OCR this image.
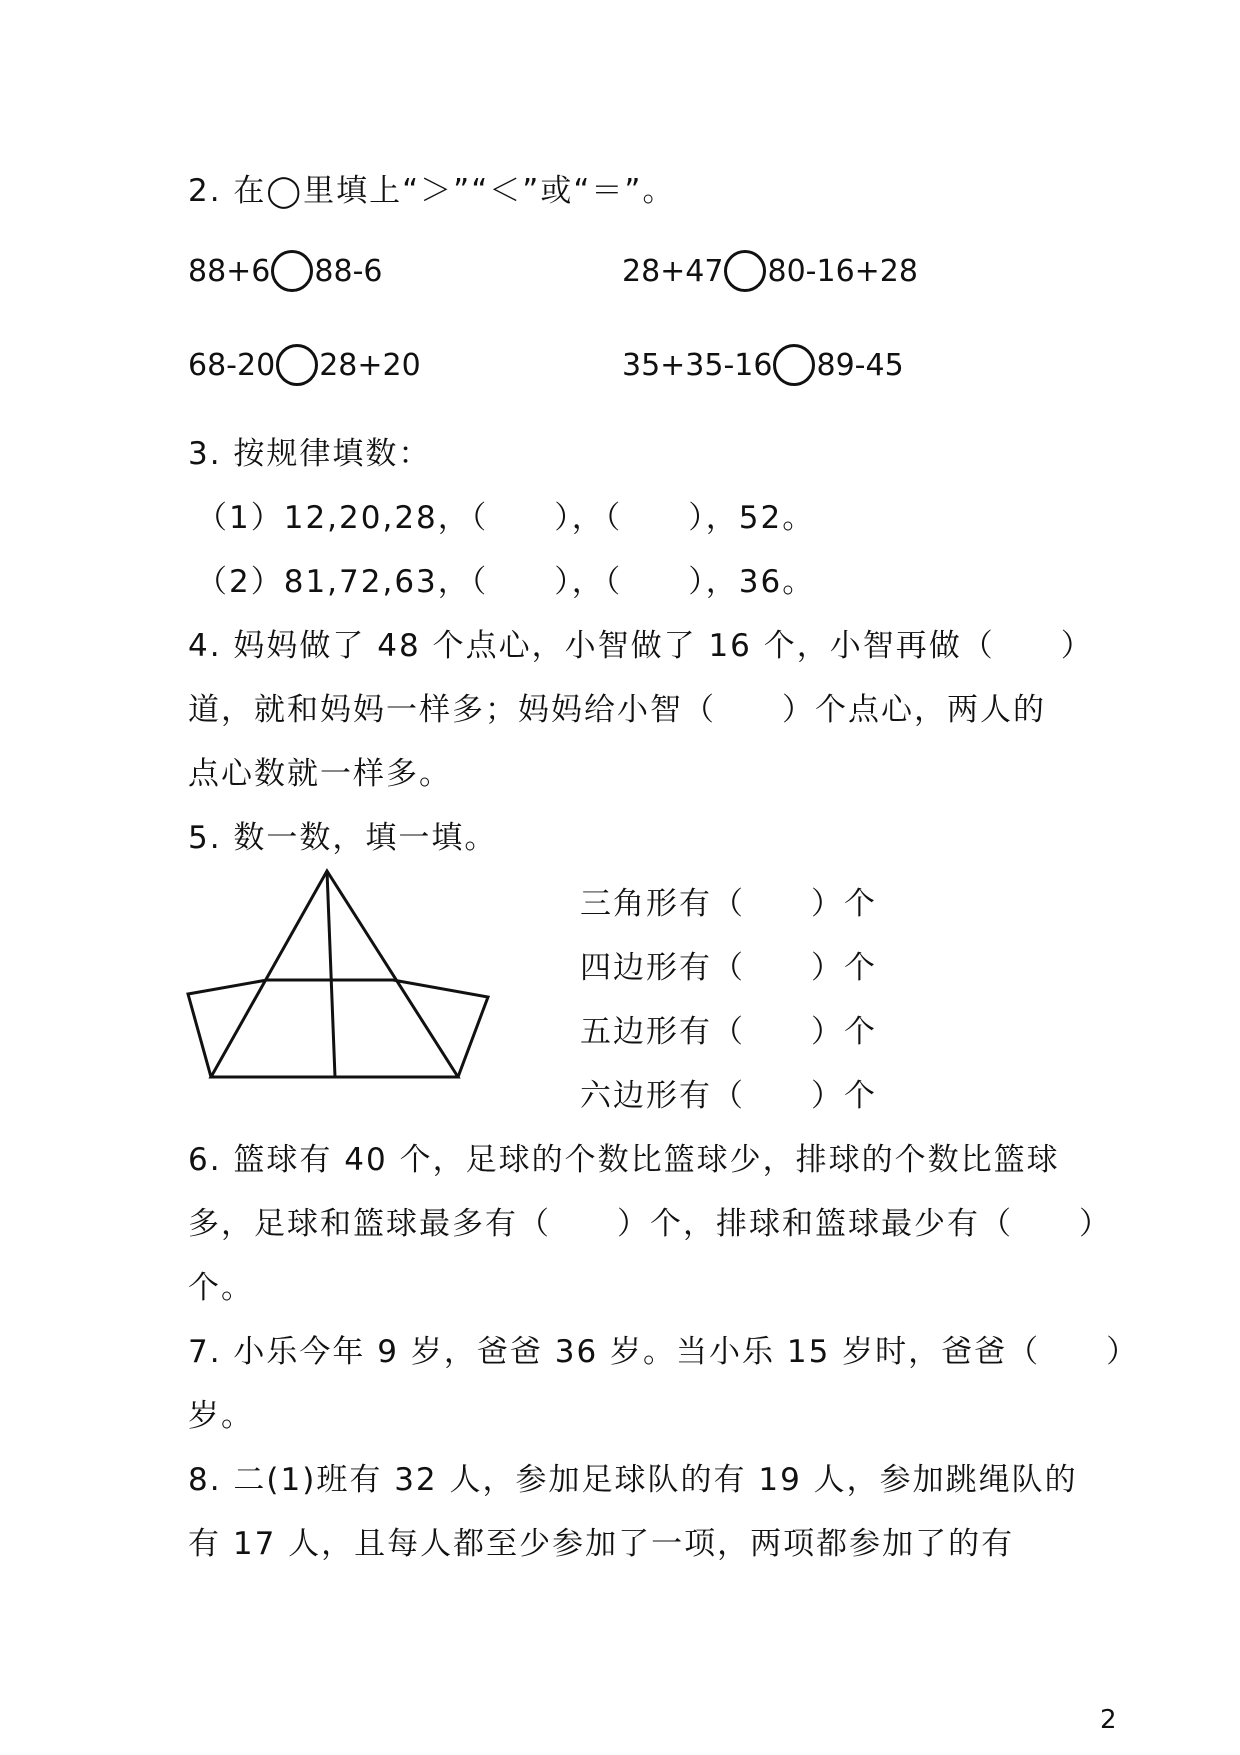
2. 在◯里填上“＞”“＜”或“＝”。
88+6 88-6	28+47 80-16+28
68-20 28+20	35+35-16 89-45
3. 按规律填数：
（1）12,20,28，（　　），（　　），52。
（2）81,72,63，（　　），（　　），36。
4. 妈妈做了 48 个点心，小智做了 16 个，小智再做（　　）
道，就和妈妈一样多；妈妈给小智（　　）个点心，两人的
点心数就一样多。
5. 数一数，填一填。
三角形有（　　）个
四边形有（　　）个
五边形有（　　）个
六边形有（　　）个
6. 篮球有 40 个，足球的个数比篮球少，排球的个数比篮球
多，足球和篮球最多有（　　）个，排球和篮球最少有（　　）
个。
7. 小乐今年 9 岁，爸爸 36 岁。当小乐 15 岁时，爸爸（　　）
岁。
8. 二(1)班有 32 人，参加足球队的有 19 人，参加跳绳队的
有 17 人，且每人都至少参加了一项，两项都参加了的有
2
